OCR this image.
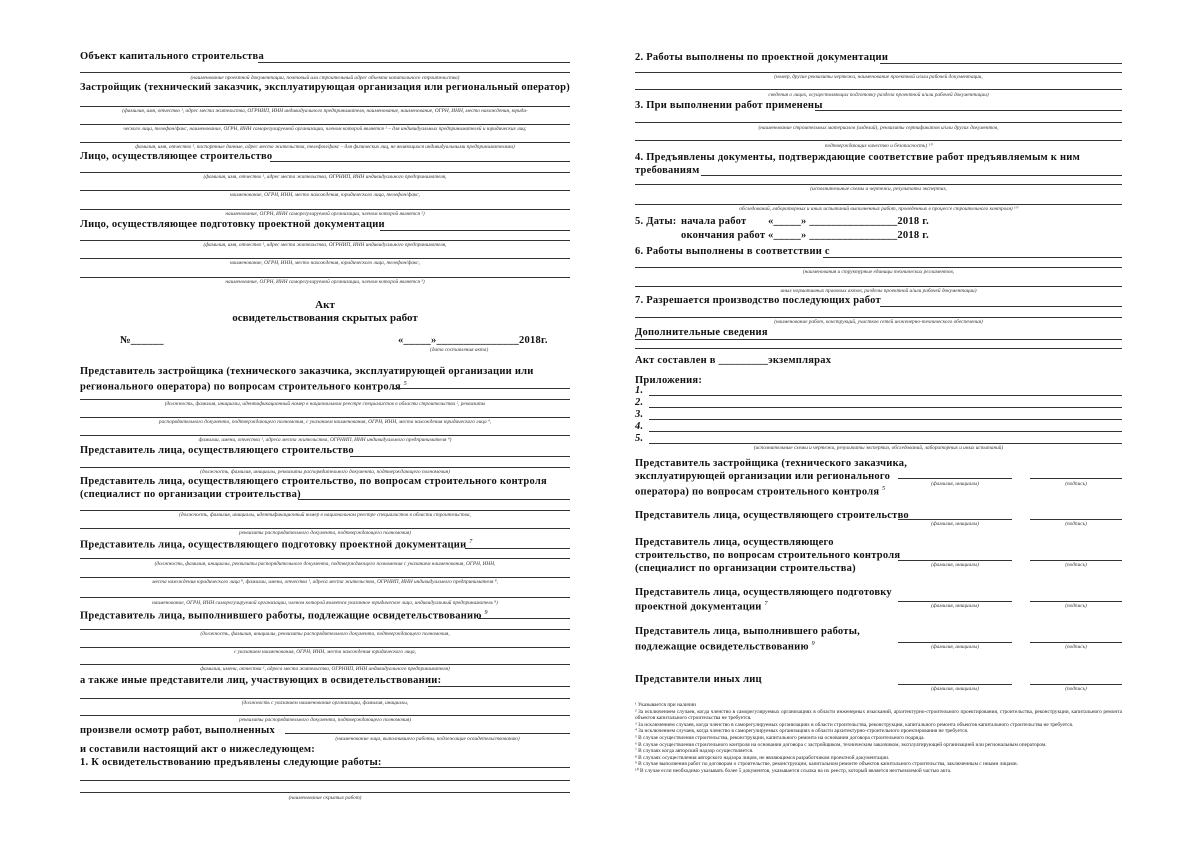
Объект капитального строительства
(наименование проектной документации, почтовый или строительный адрес объекта капитального строительства)
Застройщик (технический заказчик, эксплуатирующая организация или региональный оператор)
(фамилия, имя, отчество ¹, адрес места жительства, ОГРНИП, ИНН индивидуального предпринимателя, наименование, наименование, ОГРН, ИНН, место нахождения, юриди-
ческого лица, телефон/факс, наименование, ОГРН, ИНН саморегулируемой организации, членом которой является ² – для индивидуальных предпринимателей и юридических лиц;
фамилия, имя, отчество ¹, паспортные данные, адрес места жительства, телефон/факс – для физических лиц, не являющихся индивидуальными предпринимателями)
Лицо, осуществляющее строительство
(фамилия, имя, отчество ¹, адрес места жительства, ОГРНИП, ИНН индивидуального предпринимателя,
наименование, ОГРН, ИНН, место нахождения, юридического лица, телефон/факс,
наименование, ОГРН, ИНН саморегулируемой организации, членом которой является ²)
Лицо, осуществляющее подготовку проектной документации
(фамилия, имя, отчество ¹, адрес места жительства, ОГРНИП, ИНН индивидуального предпринимателя,
наименование, ОГРН, ИНН, место нахождения, юридического лица, телефон/факс,
наименование, ОГРН, ИНН саморегулируемой организации, членом которой является ³)
Акт
освидетельствования скрытых работ
№______	«_____»_______________2018г.
(дата составления акта)
Представитель застройщика (технического заказчика, эксплуатирующей организации или
регионального оператора) по вопросам строительного контроля $^5$
(должность, фамилия, инициалы, идентификационный номер в национальном реестре специалистов в области строительства ², реквизиты
распорядительного документа, подтверждающего полномочия, с указанием наименования, ОГРН, ИНН, места нахождения юридического лица ⁴,
фамилии, имени, отчества ¹, адреса места жительства, ОГРНИП, ИНН индивидуального предпринимателя ⁴)
Представитель лица, осуществляющего строительство
(должность, фамилия, инициалы, реквизиты распорядительного документа, подтверждающего полномочия)
Представитель лица, осуществляющего строительство, по вопросам строительного контроля
(специалист по организации строительства)
(должность, фамилия, инициалы, идентификационный номер в национальном реестре специалистов в области строительства,
реквизиты распорядительного документа, подтверждающего полномочия)
Представитель лица, осуществляющего подготовку проектной документации $^7$
(должность, фамилия, инициалы, реквизиты распорядительного документа, подтверждающего полномочия с указанием наименования, ОГРН, ИНН,
места нахождения юридического лица ⁸, фамилии, имени, отчества ¹, адреса места жительства, ОГРНИП, ИНН индивидуального предпринимателя ⁸,
наименование, ОГРН, ИНН саморегулируемой организации, членом которой является указанное юридическое лицо, индивидуальный предприниматель ⁸)
Представитель лица, выполнившего работы, подлежащие освидетельствованию $^9$
(должность, фамилия, инициалы, реквизиты распорядительного документа, подтверждающего полномочия,
с указанием наименования, ОГРН, ИНН, места нахождения юридического лица,
фамилии, имени, отчества ¹, адреса места жительства, ОГРНИП, ИНН индивидуального предпринимателя)
а также иные представители лиц, участвующих в освидетельствовании:
(должность с указанием наименования организации, фамилия, инициалы,
реквизиты распорядительного документа, подтверждающего полномочия)
произвели осмотр работ, выполненных
(наименование лица, выполнившего работы, подлежащие освидетельствованию)
и составили настоящий акт о нижеследующем:
1. К освидетельствованию предъявлены следующие работы:
(наименование скрытых работ)
2. Работы выполнены по проектной документации
(номер, другие реквизиты чертежа, наименование проектной и/или рабочей документации,
сведения о лицах, осуществляющих подготовку раздела проектной и/или рабочей документации)
3. При выполнении работ применены
(наименование строительных материалов (изделий), реквизиты сертификатов и/или других документов,
подтверждающих качество и безопасность) ¹⁰
4. Предъявлены документы, подтверждающие соответствие работ предъявляемым к ним
требованиям
(исполнительные схемы и чертежи, результаты экспертиз,
обследований, лабораторных и иных испытаний выполненных работ, проведенных в процессе строительного контроля) ¹⁰
5. Даты: начала работ «_____» ________________2018 г.
окончания работ «_____» ________________2018 г.
6. Работы выполнены в соответствии с
(наименования и структурные единицы технических регламентов,
иных нормативных правовых актов, разделы проектной и/или рабочей документации)
7. Разрешается производство последующих работ
(наименование работ, конструкций, участков сетей инженерно-технического обеспечения)
Дополнительные сведения
Акт составлен в _________экземплярах
Приложения:
1.
2.
3.
4.
5.
(исполнительные схемы и чертежи, результаты экспертиз, обследований, лабораторных и иных испытаний)
Представитель застройщика (технического заказчика,
эксплуатирующей организации или регионального
оператора) по вопросам строительного контроля $^5$
(фамилия, инициалы)	(подпись)
Представитель лица, осуществляющего строительство
(фамилия, инициалы)	(подпись)
Представитель лица, осуществляющего
строительство, по вопросам строительного контроля
(специалист по организации строительства)	(фамилия, инициалы)	(подпись)
Представитель лица, осуществляющего подготовку
проектной документации $^7$	(фамилия, инициалы)	(подпись)
Представитель лица, выполнившего работы,
подлежащие освидетельствованию $^9$	(фамилия, инициалы)	(подпись)
Представители иных лиц
(фамилия, инициалы)	(подпись)
¹ Указывается при наличии
² За исключением случаев, когда членство в саморегулируемых организациях в области инженерных изысканий, архитектурно-строительного проектирования, строительства, реконструкции, капитального ремонта объектов капитального строительства не требуется.
³ За исключением случаев, когда членство в саморегулируемых организациях в области строительства, реконструкции, капитального ремонта объектов капитального строительства не требуется.
⁴ За исключением случаев, когда членство в саморегулируемых организациях в области архитектурно-строительного проектирования не требуется.
⁵ В случае осуществления строительства, реконструкции, капитального ремонта на основании договора строительного подряда.
⁶ В случае осуществления строительного контроля на основании договора с застройщиком, техническим заказчиком, эксплуатирующей организацией или региональным оператором.
⁷ В случаях когда авторский надзор осуществляется.
⁸ В случаях осуществления авторского надзора лицом, не являющимся разработчиком проектной документации.
⁹ В случае выполнения работ по договорам о строительстве, реконструкции, капитальном ремонте объектов капитального строительства, заключенным с иными лицами.
¹⁰ В случае если необходимо указывать более 5 документов, указывается ссылка на их реестр, который является неотъемлемой частью акта.
